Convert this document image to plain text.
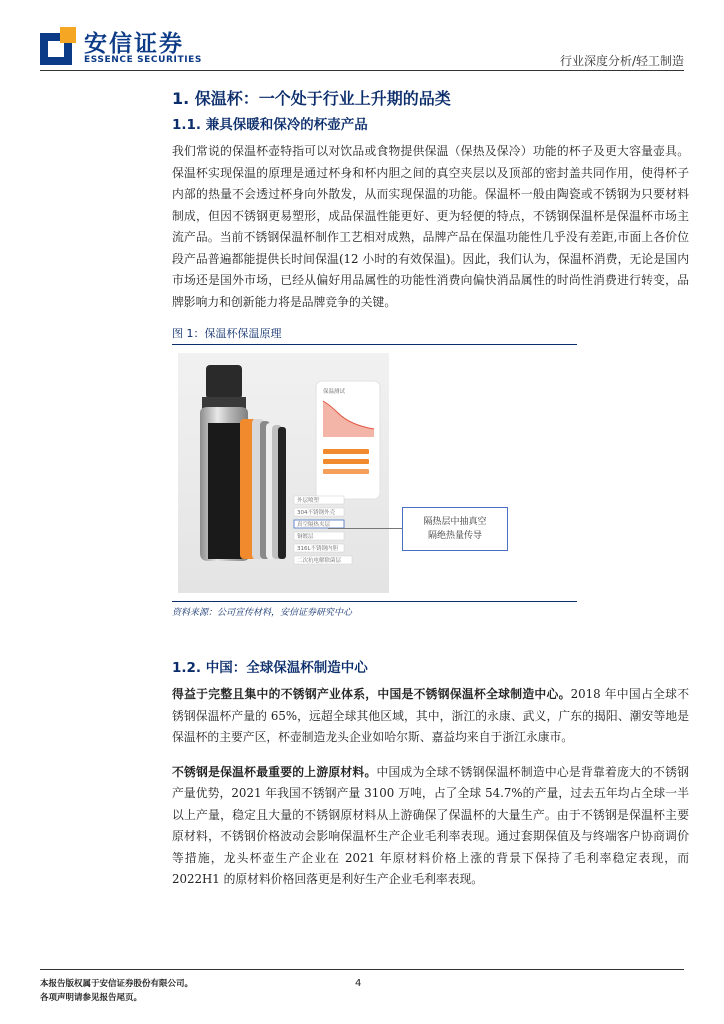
安信证券
ESSENCE SECURITIES	行业深度分析/轻工制造
1. 保温杯：一个处于行业上升期的品类
1.1. 兼具保暖和保冷的杯壶产品

我们常说的保温杯壶特指可以对饮品或食物提供保温（保热及保冷）功能的杯子及更大容量壶具。保温杯实现保温的原理是通过杯身和杯内胆之间的真空夹层以及顶部的密封盖共同作用，使得杯子内部的热量不会透过杯身向外散发，从而实现保温的功能。保温杯一般由陶瓷或不锈钢为只要材料制成，但因不锈钢更易塑形，成品保温性能更好、更为轻便的特点，不锈钢保温杯是保温杯市场主流产品。当前不锈钢保温杯制作工艺相对成熟，品牌产品在保温功能性几乎没有差距,市面上各价位段产品普遍都能提供长时间保温(12 小时的有效保温)。因此，我们认为，保温杯消费，无论是国内市场还是国外市场，已经从偏好用品属性的功能性消费向偏快消品属性的时尚性消费进行转变，品牌影响力和创新能力将是品牌竞争的关键。

图 1：保温杯保温原理
保温测试
外层喷塑
304不锈钢外壳
真空隔热夹层
铜镀层
316L不锈钢内胆
二次抗电解除菌层
隔热层中抽真空
隔绝热量传导
资料来源：公司宣传材料，安信证券研究中心
1.2. 中国：全球保温杯制造中心

得益于完整且集中的不锈钢产业体系，中国是不锈钢保温杯全球制造中心。2018 年中国占全球不锈钢保温杯产量的 65%，远超全球其他区域，其中，浙江的永康、武义，广东的揭阳、潮安等地是保温杯的主要产区，杯壶制造龙头企业如哈尔斯、嘉益均来自于浙江永康市。

不锈钢是保温杯最重要的上游原材料。中国成为全球不锈钢保温杯制造中心是背靠着庞大的不锈钢产量优势，2021 年我国不锈钢产量 3100 万吨，占了全球 54.7%的产量，过去五年均占全球一半以上产量，稳定且大量的不锈钢原材料从上游确保了保温杯的大量生产。由于不锈钢是保温杯主要原材料，不锈钢价格波动会影响保温杯生产企业毛利率表现。通过套期保值及与终端客户协商调价等措施，龙头杯壶生产企业在 2021 年原材料价格上涨的背景下保持了毛利率稳定表现，而 2022H1 的原材料价格回落更是利好生产企业毛利率表现。

本报告版权属于安信证券股份有限公司。
各项声明请参见报告尾页。
4
